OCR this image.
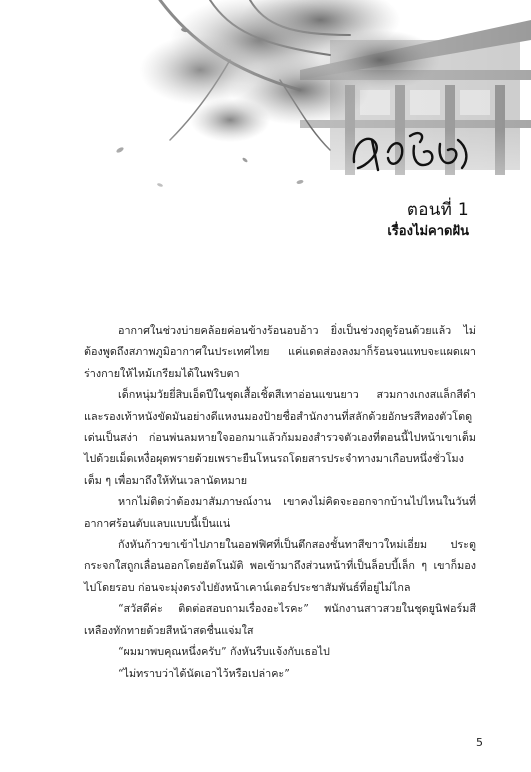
ตอนที่ 1
เรื่องไม่คาดฝัน

อากาศในช่วงบ่ายคล้อยค่อนข้างร้อนอบอ้าว ยิ่งเป็นช่วงฤดูร้อนด้วยแล้ว ไม่ต้องพูดถึงสภาพภูมิอากาศในประเทศไทย แค่แดดส่องลงมาก็ร้อนจนแทบจะแผดเผาร่างกายให้ไหม้เกรียมได้ในพริบตา

เด็กหนุ่มวัยยี่สิบเอ็ดปีในชุดเสื้อเชิ้ตสีเทาอ่อนแขนยาว สวมกางเกงสแล็กสีดำและรองเท้าหนังขัดมันอย่างดีแหงนมองป้ายชื่อสำนักงานที่สลักด้วยอักษรสีทองตัวโตดูเด่นเป็นสง่า ก่อนพ่นลมหายใจออกมาแล้วก้มมองสำรวจตัวเองที่ตอนนี้ไปหน้าเขาเต็มไปด้วยเม็ดเหงื่อผุดพรายด้วยเพราะยืนโหนรถโดยสารประจำทางมาเกือบหนึ่งชั่วโมงเต็ม ๆ เพื่อมาถึงให้ทันเวลานัดหมาย

หากไม่ติดว่าต้องมาสัมภาษณ์งาน เขาคงไม่คิดจะออกจากบ้านไปไหนในวันที่อากาศร้อนตับแลบแบบนี้เป็นแน่

กังหันก้าวขาเข้าไปภายในออฟฟิศที่เป็นตึกสองชั้นทาสีขาวใหม่เอี่ยม ประตูกระจกใสถูกเลื่อนออกโดยอัตโนมัติ พอเข้ามาถึงส่วนหน้าที่เป็นล็อบบี้เล็ก ๆ เขาก็มองไปโดยรอบ ก่อนจะมุ่งตรงไปยังหน้าเคาน์เตอร์ประชาสัมพันธ์ที่อยู่ไม่ไกล

“สวัสดีค่ะ ติดต่อสอบถามเรื่องอะไรคะ” พนักงานสาวสวยในชุดยูนิฟอร์มสีเหลืองทักทายด้วยสีหน้าสดชื่นแจ่มใส

“ผมมาพบคุณหนึ่งครับ” กังหันรีบแจ้งกับเธอไป

“ไม่ทราบว่าได้นัดเอาไว้หรือเปล่าคะ”

5
